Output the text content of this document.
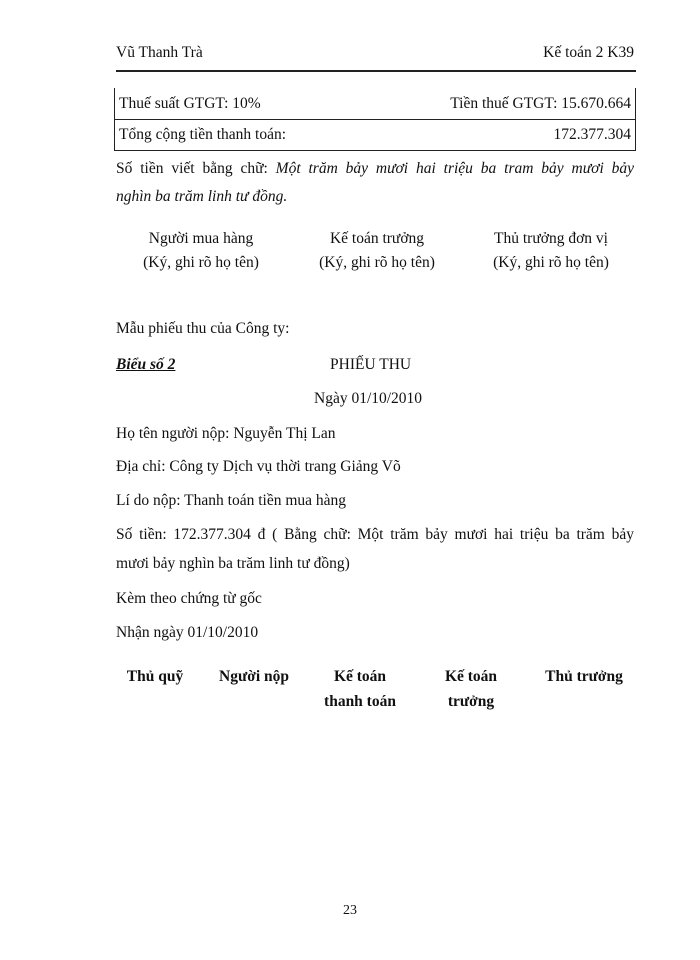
Vũ Thanh Trà	Kế toán 2 K39
Thuế suất GTGT: 10%	Tiền thuế GTGT: 15.670.664
Tổng cộng tiền thanh toán:	172.377.304
Số tiền viết bằng chữ: Một trăm bảy mươi hai triệu ba tram bảy mươi bảy
nghìn ba trăm linh tư đồng.
Người mua hàng
(Ký, ghi rõ họ tên)
Kế toán trưởng
(Ký, ghi rõ họ tên)
Thủ trưởng đơn vị
(Ký, ghi rõ họ tên)
Mẫu phiếu thu của Công ty:
Biểu số 2	PHIẾU THU
Ngày 01/10/2010
Họ tên người nộp: Nguyễn Thị Lan
Địa chỉ: Công ty Dịch vụ thời trang Giảng Võ
Lí do nộp: Thanh toán tiền mua hàng
Số tiền: 172.377.304 đ ( Bằng chữ: Một trăm bảy mươi hai triệu ba trăm bảy
mươi bảy nghìn ba trăm linh tư đồng)
Kèm theo chứng từ gốc
Nhận ngày 01/10/2010
Thủ quỹ	Người nộp	Kế toán
thanh toán
Kế toán
trưởng
Thủ trưởng
23
